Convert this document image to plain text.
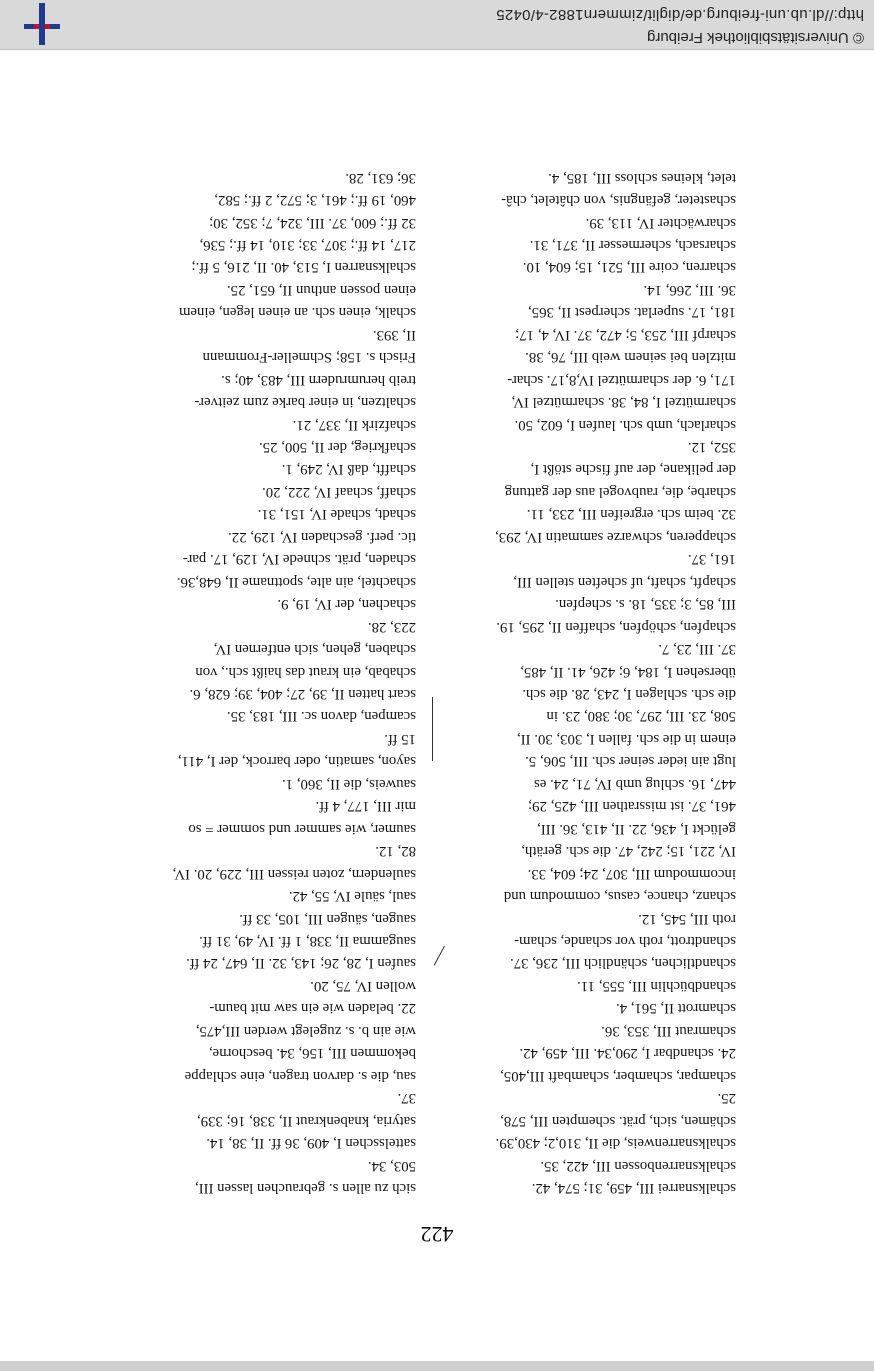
422
schalksnarrei III, 459, 31; 574, 42.
schalksnarrenbossen III, 422, 35.
schalksnarrenweis, die II, 310,2; 430,39.
schämen, sich, prät. schempten III, 578,
25.
schampar, schamber, schambaft III,405,
24. schandbar I, 290,34. III, 459, 42.
schamraut III, 353, 36.
schamrott II, 561, 4.
schandbüchlin III, 555, 11.
schandtlichen, schändlich III, 236, 37.
schandtrott, roth vor schande, scham-
roth III, 545, 12.
schanz, chance, casus, commodum und
incommodum III, 307, 24; 604, 33.
IV, 221, 15; 242, 47. die sch. geräth,
gelückt I, 436, 22. II, 413, 36. III,
461, 37. ist missrathen III, 425, 29;
447, 16. schlug umb IV, 71, 24. es
lugt ain ieder seiner sch. III, 506, 5.
einem in die sch. fallen I, 303, 30. II,
508, 23. III, 297, 30; 380, 23. in
die sch. schlagen I, 243, 28. die sch.
übersehen I, 184, 6; 426, 41. II, 485,
37. III, 23, 7.
schapfen, schöpfen, schaffen II, 295, 19.
III, 85, 3; 335, 18. s. schepfen.
schapft, schaft, uf scheften stellen III,
161, 37.
schapperen, schwarze sammatin IV, 293,
32. beim sch. ergreifen III, 233, 11.
scharbe, die, raubvogel aus der gattung
der pelikane, der auf fische stößt I,
352, 12.
scharlach, umb sch. laufen I, 602, 50.
scharmützel I, 84, 38. scharmützel IV,
171, 6. der scharmützel IV,8,17. schar-
mitzlen bei seinem weib III, 76, 38.
scharpf III, 253, 5; 472, 37. IV, 4, 17;
181, 17. superlat. scherpest II, 365,
36. III, 266, 14.
scharren, coire III, 521, 15; 604, 10.
scharsach, schermesser II, 371, 31.
scharwächter IV, 113, 39.
schasteter, gefängnis, von châtelet, châ-
telet, kleines schloss III, 185, 4.
sich zu allen s. gebrauchen lassen III,
503, 34.
sattelsschen I, 409, 36 ff. II, 38, 14.
satyria, knabenkraut II, 338, 16; 339,
37.
sau, die s. darvon tragen, eine schlappe
bekommen III, 156, 34. beschorne,
wie ain b. s. zugelegt werden III,475,
22. beladen wie ein saw mit baum-
wollen IV, 75, 20.
saufen I, 28, 26; 143, 32. II, 647, 24 ff.
saugamma II, 338, 1 ff. IV, 49, 31 ff.
saugen, säugen III, 105, 33 ff.
saul, säule IV, 55, 42.
saulendern, zoten reissen III, 229, 20. IV,
82, 12.
saumer, wie sammer und sommer = so
mir III, 177, 4 ff.
sauweis, die II, 360, 1.
sayon, samatin, oder barrock, der I, 411,
15 ff.
scampen, davon sc. III, 183, 35.
scart hatten II, 39, 27; 404, 39; 628, 6.
schabab, ein kraut das haißt sch., von
schaben, gehen, sich entfernen IV,
223, 28.
schachen, der IV, 19, 9.
schachtel, ain alte, spottname II, 648,36.
schaden, prät. schnede IV, 129, 17. par-
tic. perf. geschaden IV, 129, 22.
schadt, schade IV, 151, 31.
schaff, schaaf IV, 222, 20.
schafft, daß IV, 249, 1.
schafkrieg, der II, 500, 25.
schafzirk II, 337, 21.
schaltzen, in einer barke zum zeitver-
treib herumrudern III, 483, 40; s.
Frisch s. 158; Schmeller-Frommann
II, 393.
schalk, einen sch. an einen legen, einem
einen possen anthun II, 651, 25.
schalksnarren I, 513, 40. II, 216, 5 ff.;
217, 14 ff.; 307, 33; 310, 14 ff.; 536,
32 ff.; 600, 37. III, 324, 7; 352, 30;
460, 19 ff.; 461, 3; 572, 2 ff.; 582,
36; 631, 28.
© Universitätsbibliothek Freiburg
http://dl.ub.uni-freiburg.de/diglit/zimmern1882-4/0425
